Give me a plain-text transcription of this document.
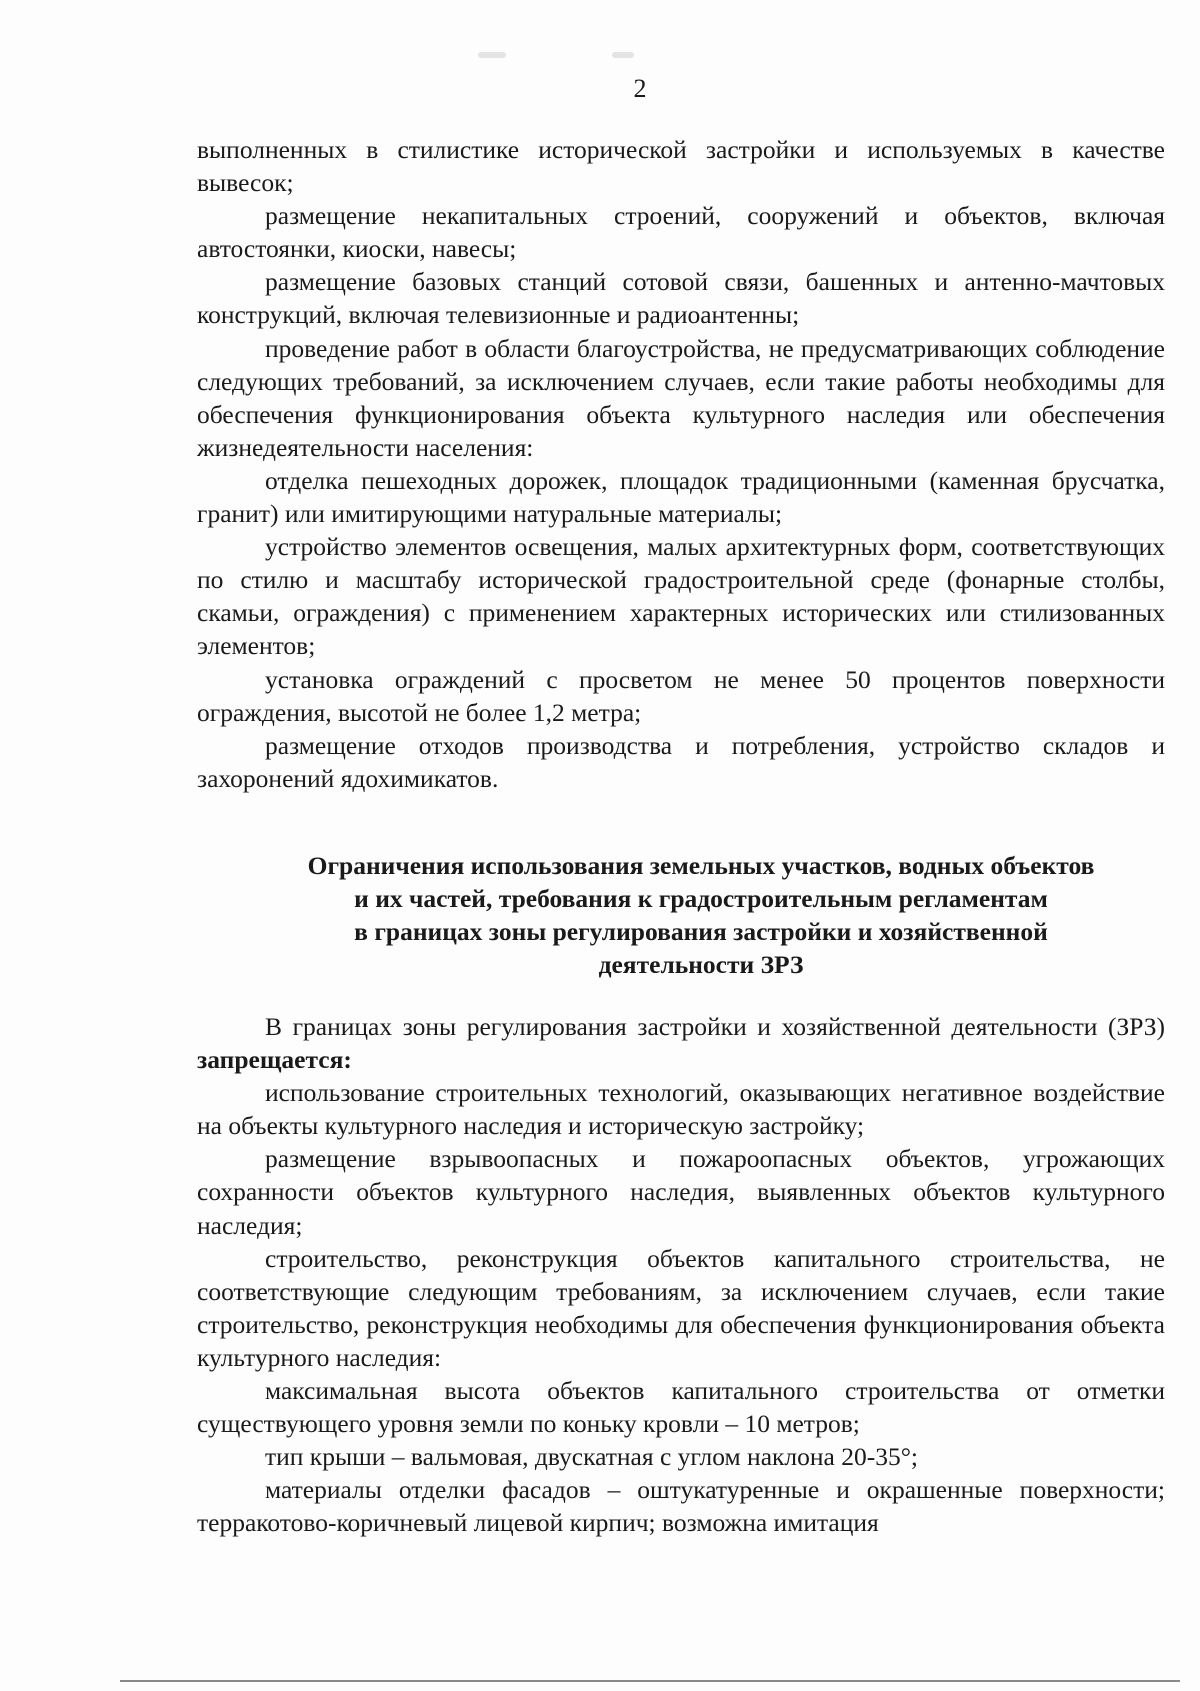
2

выполненных в стилистике исторической застройки и используемых в качестве вывесок;

размещение некапитальных строений, сооружений и объектов, включая автостоянки, киоски, навесы;

размещение базовых станций сотовой связи, башенных и антенно-мачтовых конструкций, включая телевизионные и радиоантенны;

проведение работ в области благоустройства, не предусматривающих соблюдение следующих требований, за исключением случаев, если такие работы необходимы для обеспечения функционирования объекта культурного наследия или обеспечения жизнедеятельности населения:

отделка пешеходных дорожек, площадок традиционными (каменная брусчатка, гранит) или имитирующими натуральные материалы;

устройство элементов освещения, малых архитектурных форм, соответствующих по стилю и масштабу исторической градостроительной среде (фонарные столбы, скамьи, ограждения) с применением характерных исторических или стилизованных элементов;

установка ограждений с просветом не менее 50 процентов поверхности ограждения, высотой не более 1,2 метра;

размещение отходов производства и потребления, устройство складов и захоронений ядохимикатов.

Ограничения использования земельных участков, водных объектов
и их частей, требования к градостроительным регламентам
в границах зоны регулирования застройки и хозяйственной
деятельности ЗРЗ

В границах зоны регулирования застройки и хозяйственной деятельности (ЗРЗ) запрещается:

использование строительных технологий, оказывающих негативное воздействие на объекты культурного наследия и историческую застройку;

размещение взрывоопасных и пожароопасных объектов, угрожающих сохранности объектов культурного наследия, выявленных объектов культурного наследия;

строительство, реконструкция объектов капитального строительства, не соответствующие следующим требованиям, за исключением случаев, если такие строительство, реконструкция необходимы для обеспечения функционирования объекта культурного наследия:

максимальная высота объектов капитального строительства от отметки существующего уровня земли по коньку кровли – 10 метров;

тип крыши – вальмовая, двускатная с углом наклона 20-35°;

материалы отделки фасадов – оштукатуренные и окрашенные поверхности; терракотово-коричневый лицевой кирпич; возможна имитация
